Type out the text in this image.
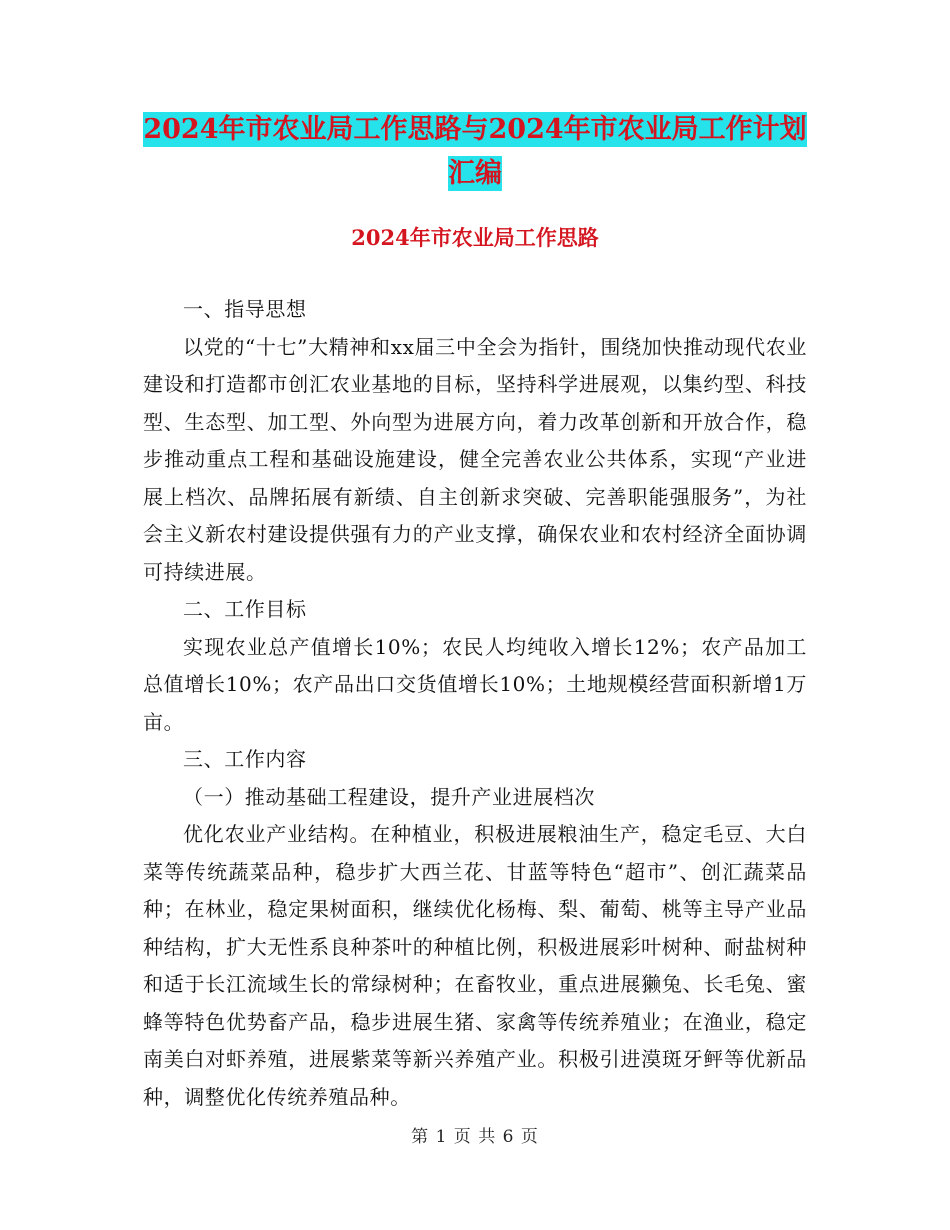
2024年市农业局工作思路与2024年市农业局工作计划
汇编
2024年市农业局工作思路

一、指导思想

以党的“十七”大精神和xx届三中全会为指针，围绕加快推动现代农业建设和打造都市创汇农业基地的目标，坚持科学进展观，以集约型、科技型、生态型、加工型、外向型为进展方向，着力改革创新和开放合作，稳步推动重点工程和基础设施建设，健全完善农业公共体系，实现“产业进展上档次、品牌拓展有新绩、自主创新求突破、完善职能强服务”，为社会主义新农村建设提供强有力的产业支撑，确保农业和农村经济全面协调可持续进展。

二、工作目标

实现农业总产值增长10%；农民人均纯收入增长12%；农产品加工总值增长10%；农产品出口交货值增长10%；土地规模经营面积新增1万亩。

三、工作内容

（一）推动基础工程建设，提升产业进展档次

优化农业产业结构。在种植业，积极进展粮油生产，稳定毛豆、大白菜等传统蔬菜品种，稳步扩大西兰花、甘蓝等特色“超市”、创汇蔬菜品种；在林业，稳定果树面积，继续优化杨梅、梨、葡萄、桃等主导产业品种结构，扩大无性系良种茶叶的种植比例，积极进展彩叶树种、耐盐树种和适于长江流域生长的常绿树种；在畜牧业，重点进展獭兔、长毛兔、蜜蜂等特色优势畜产品，稳步进展生猪、家禽等传统养殖业；在渔业，稳定南美白对虾养殖，进展紫菜等新兴养殖产业。积极引进漠斑牙鲆等优新品种，调整优化传统养殖品种。

第 1 页 共 6 页
